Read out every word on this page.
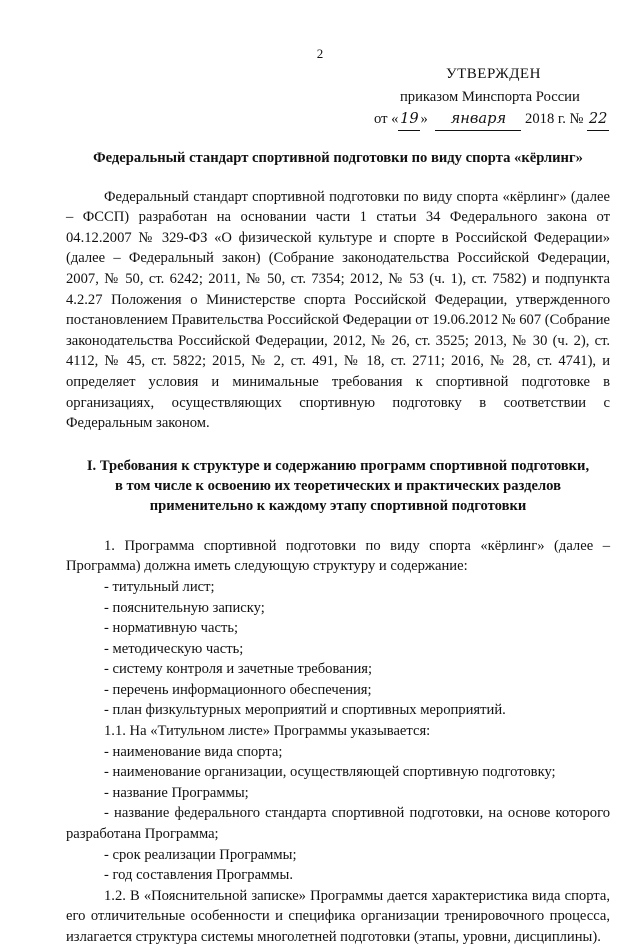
2
УТВЕРЖДЕН
приказом Минспорта России
от « 19 » января 2018 г. № 22
Федеральный стандарт спортивной подготовки по виду спорта «кёрлинг»

Федеральный стандарт спортивной подготовки по виду спорта «кёрлинг» (далее – ФССП) разработан на основании части 1 статьи 34 Федерального закона от 04.12.2007 № 329-ФЗ «О физической культуре и спорте в Российской Федерации» (далее – Федеральный закон) (Собрание законодательства Российской Федерации, 2007, № 50, ст. 6242; 2011, № 50, ст. 7354; 2012, № 53 (ч. 1), ст. 7582) и подпункта 4.2.27 Положения о Министерстве спорта Российской Федерации, утвержденного постановлением Правительства Российской Федерации от 19.06.2012 № 607 (Собрание законодательства Российской Федерации, 2012, № 26, ст. 3525; 2013, № 30 (ч. 2), ст. 4112, № 45, ст. 5822; 2015, № 2, ст. 491, № 18, ст. 2711; 2016, № 28, ст. 4741), и определяет условия и минимальные требования к спортивной подготовке в организациях, осуществляющих спортивную подготовку в соответствии с Федеральным законом.

I. Требования к структуре и содержанию программ спортивной подготовки,
в том числе к освоению их теоретических и практических разделов
применительно к каждому этапу спортивной подготовки

1. Программа спортивной подготовки по виду спорта «кёрлинг» (далее – Программа) должна иметь следующую структуру и содержание:

- титульный лист;

- пояснительную записку;

- нормативную часть;

- методическую часть;

- систему контроля и зачетные требования;

- перечень информационного обеспечения;

- план физкультурных мероприятий и спортивных мероприятий.

1.1. На «Титульном листе» Программы указывается:

- наименование вида спорта;

- наименование организации, осуществляющей спортивную подготовку;

- название Программы;

- название федерального стандарта спортивной подготовки, на основе которого разработана Программа;

- срок реализации Программы;

- год составления Программы.

1.2. В «Пояснительной записке» Программы дается характеристика вида спорта, его отличительные особенности и специфика организации тренировочного процесса, излагается структура системы многолетней подготовки (этапы, уровни, дисциплины).
